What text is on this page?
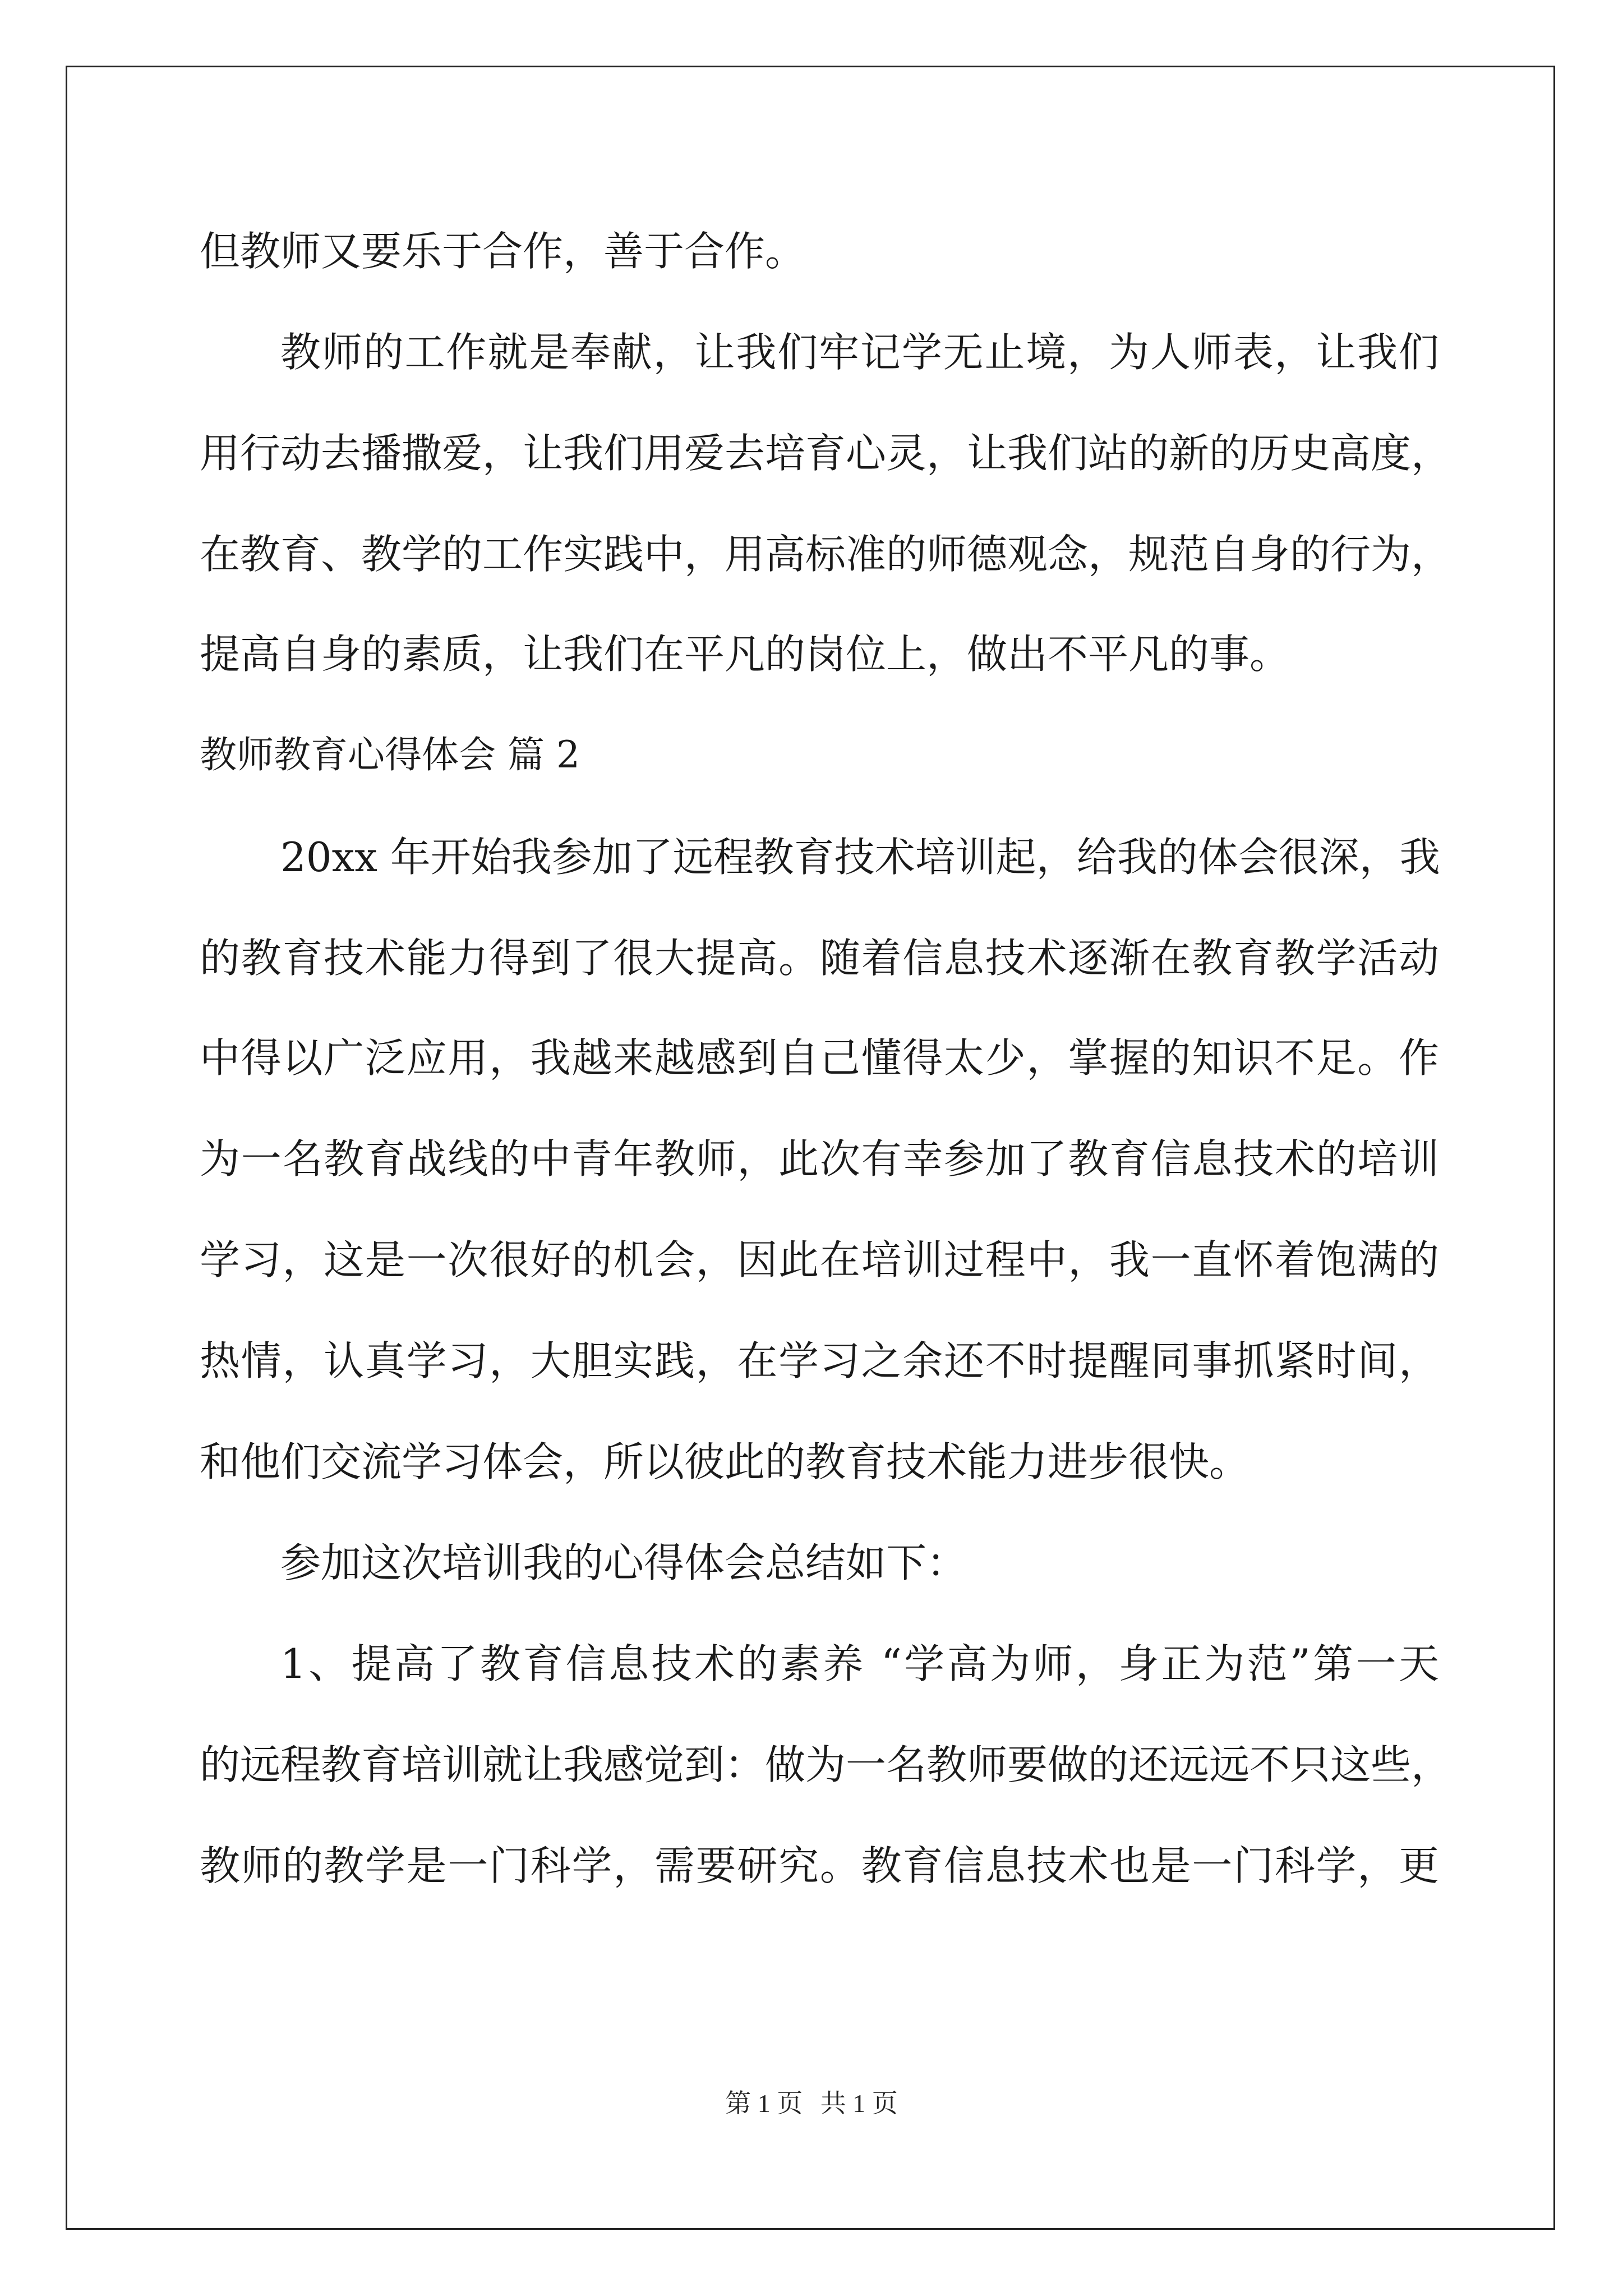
但教师又要乐于合作，善于合作。

教师的工作就是奉献，让我们牢记学无止境，为人师表，让我们

用行动去播撒爱，让我们用爱去培育心灵，让我们站的新的历史高度，

在教育、教学的工作实践中，用高标准的师德观念，规范自身的行为，

提高自身的素质，让我们在平凡的岗位上，做出不平凡的事。

教师教育心得体会 篇 2

20xx 年开始我参加了远程教育技术培训起，给我的体会很深，我

的教育技术能力得到了很大提高。随着信息技术逐渐在教育教学活动

中得以广泛应用，我越来越感到自己懂得太少，掌握的知识不足。作

为一名教育战线的中青年教师，此次有幸参加了教育信息技术的培训

学习，这是一次很好的机会，因此在培训过程中，我一直怀着饱满的

热情，认真学习，大胆实践，在学习之余还不时提醒同事抓紧时间，

和他们交流学习体会，所以彼此的教育技术能力进步很快。

参加这次培训我的心得体会总结如下：

1、提高了教育信息技术的素养 “学高为师，身正为范”第一天

的远程教育培训就让我感觉到：做为一名教师要做的还远远不只这些，

教师的教学是一门科学，需要研究。教育信息技术也是一门科学，更

第 1 页 共 1 页
